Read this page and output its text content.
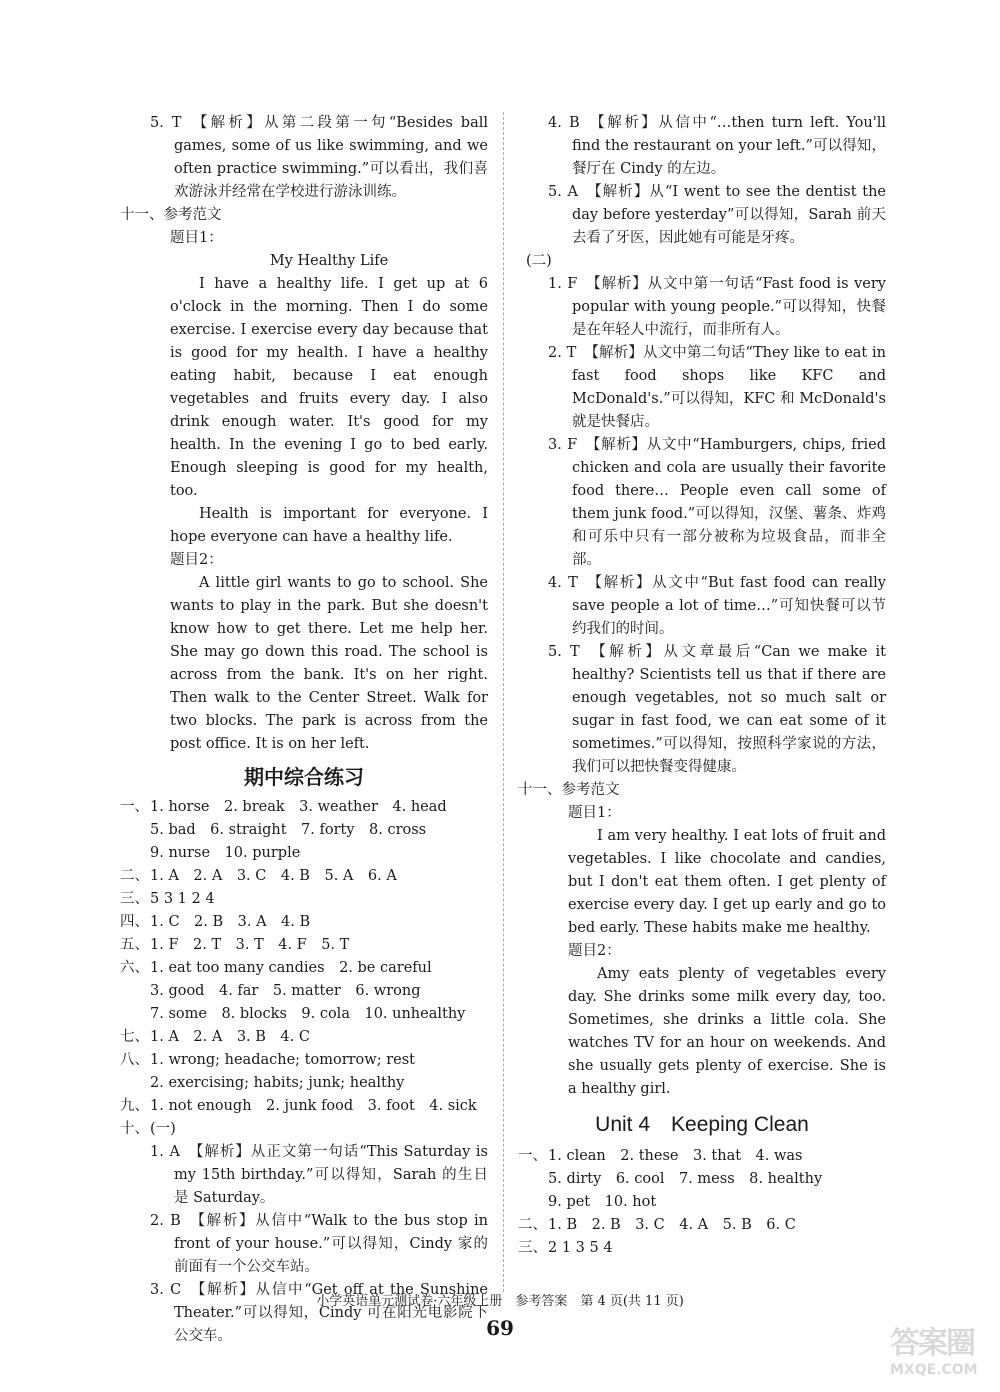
5. T 【解析】从第二段第一句“Besides ball games, some of us like swimming, and we often practice swimming.”可以看出，我们喜欢游泳并经常在学校进行游泳训练。
十一、参考范文
题目1：
My Healthy Life
I have a healthy life. I get up at 6 o'clock in the morning. Then I do some exercise. I exercise every day because that is good for my health. I have a healthy eating habit, because I eat enough vegetables and fruits every day. I also drink enough water. It's good for my health. In the evening I go to bed early. Enough sleeping is good for my health, too.
Health is important for everyone. I hope everyone can have a healthy life.
题目2：
A little girl wants to go to school. She wants to play in the park. But she doesn't know how to get there. Let me help her. She may go down this road. The school is across from the bank. It's on her right. Then walk to the Center Street. Walk for two blocks. The park is across from the post office. It is on her left.
期中综合练习
一、1. horse　2. break　3. weather　4. head
5. bad　6. straight　7. forty　8. cross
9. nurse　10. purple
二、1. A　2. A　3. C　4. B　5. A　6. A
三、5 3 1 2 4
四、1. C　2. B　3. A　4. B
五、1. F　2. T　3. T　4. F　5. T
六、1. eat too many candies　2. be careful
3. good　4. far　5. matter　6. wrong
7. some　8. blocks　9. cola　10. unhealthy
七、1. A　2. A　3. B　4. C
八、1. wrong; headache; tomorrow; rest
2. exercising; habits; junk; healthy
九、1. not enough　2. junk food　3. foot　4. sick
十、(一)
1. A 【解析】从正文第一句话“This Saturday is my 15th birthday.”可以得知，Sarah 的生日是 Saturday。
2. B 【解析】从信中“Walk to the bus stop in front of your house.”可以得知，Cindy 家的前面有一个公交车站。
3. C 【解析】从信中“Get off at the Sunshine Theater.”可以得知，Cindy 可在阳光电影院下公交车。
4. B 【解析】从信中“…then turn left. You'll find the restaurant on your left.”可以得知，餐厅在 Cindy 的左边。
5. A 【解析】从“I went to see the dentist the day before yesterday”可以得知，Sarah 前天去看了牙医，因此她有可能是牙疼。
(二)
1. F 【解析】从文中第一句话“Fast food is very popular with young people.”可以得知，快餐是在年轻人中流行，而非所有人。
2. T 【解析】从文中第二句话“They like to eat in fast food shops like KFC and McDonald's.”可以得知，KFC 和 McDonald's 就是快餐店。
3. F 【解析】从文中“Hamburgers, chips, fried chicken and cola are usually their favorite food there… People even call some of them junk food.”可以得知，汉堡、薯条、炸鸡和可乐中只有一部分被称为垃圾食品，而非全部。
4. T 【解析】从文中“But fast food can really save people a lot of time…”可知快餐可以节约我们的时间。
5. T 【解析】从文章最后“Can we make it healthy? Scientists tell us that if there are enough vegetables, not so much salt or sugar in fast food, we can eat some of it sometimes.”可以得知，按照科学家说的方法，我们可以把快餐变得健康。
十一、参考范文
题目1：
I am very healthy. I eat lots of fruit and vegetables. I like chocolate and candies, but I don't eat them often. I get plenty of exercise every day. I get up early and go to bed early. These habits make me healthy.
题目2：
Amy eats plenty of vegetables every day. She drinks some milk every day, too. Sometimes, she drinks a little cola. She watches TV for an hour on weekends. And she usually gets plenty of exercise. She is a healthy girl.
Unit 4　Keeping Clean
一、1. clean　2. these　3. that　4. was
5. dirty　6. cool　7. mess　8. healthy
9. pet　10. hot
二、1. B　2. B　3. C　4. A　5. B　6. C
三、2 1 3 5 4
小学英语单元测试卷·六年级上册　参考答案　第 4 页(共 11 页)
69	答案圈
MXQE.COM
